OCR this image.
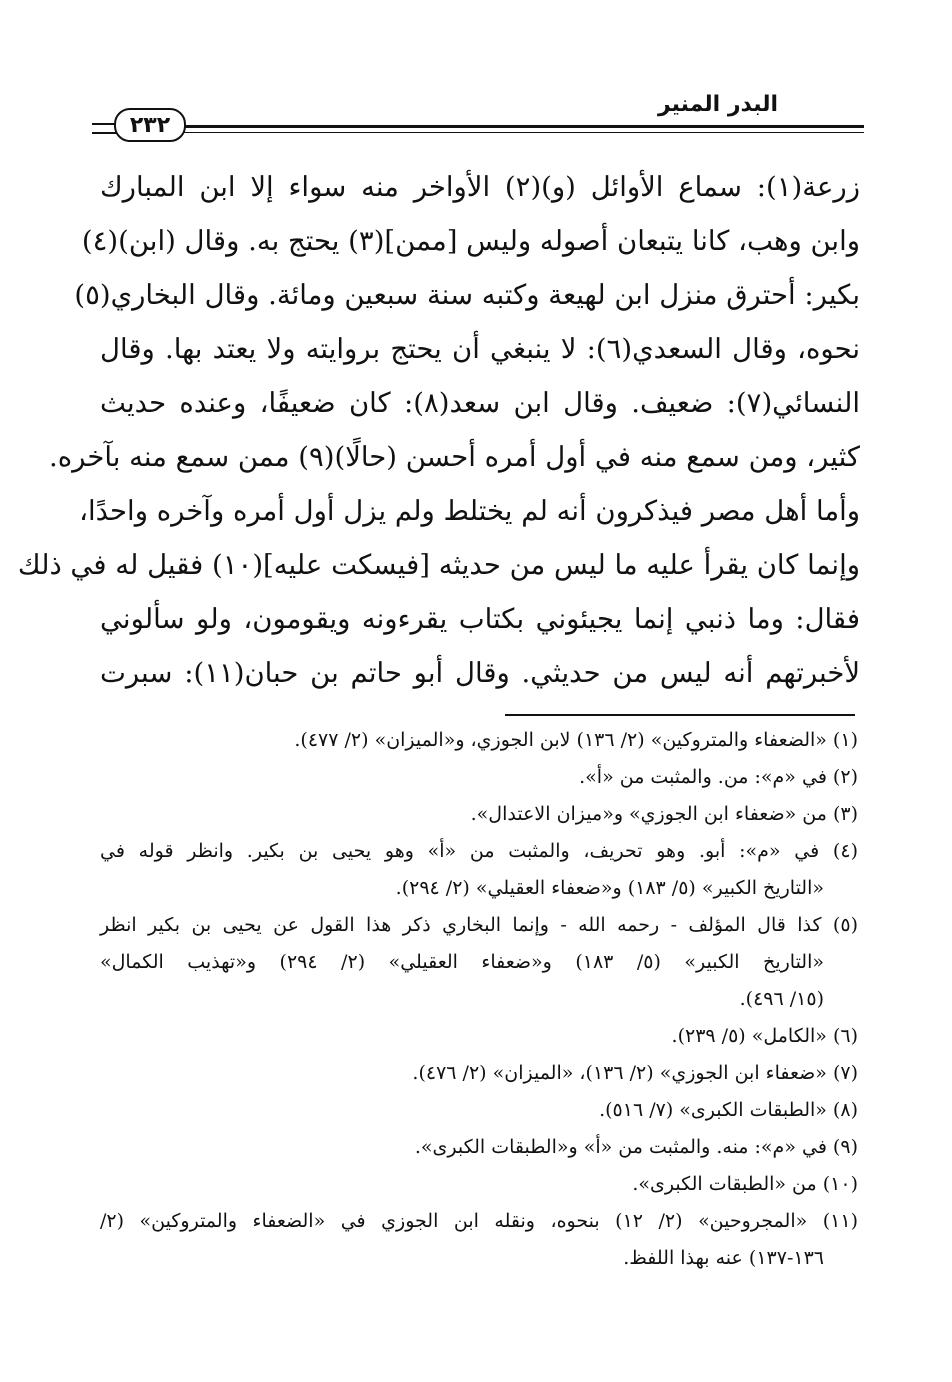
البدر المنير
٢٣٢
زرعة(١): سماع الأوائل (و)(٢) الأواخر منه سواء إلا ابن المبارك
وابن وهب، كانا يتبعان أصوله وليس [ممن](٣) يحتج به. وقال (ابن)(٤)
بكير: أحترق منزل ابن لهيعة وكتبه سنة سبعين ومائة. وقال البخاري(٥)
نحوه، وقال السعدي(٦): لا ينبغي أن يحتج بروايته ولا يعتد بها. وقال
النسائي(٧): ضعيف. وقال ابن سعد(٨): كان ضعيفًا، وعنده حديث
كثير، ومن سمع منه في أول أمره أحسن (حالًا)(٩) ممن سمع منه بآخره.
وأما أهل مصر فيذكرون أنه لم يختلط ولم يزل أول أمره وآخره واحدًا،
وإنما كان يقرأ عليه ما ليس من حديثه [فيسكت عليه](١٠) فقيل له في ذلك
فقال: وما ذنبي إنما يجيئوني بكتاب يقرءونه ويقومون، ولو سألوني
لأخبرتهم أنه ليس من حديثي. وقال أبو حاتم بن حبان(١١): سبرت
(١) «الضعفاء والمتروكين» (٢/ ١٣٦) لابن الجوزي، و«الميزان» (٢/ ٤٧٧).
(٢) في «م»: من. والمثبت من «أ».
(٣) من «ضعفاء ابن الجوزي» و«ميزان الاعتدال».
(٤) في «م»: أبو. وهو تحريف، والمثبت من «أ» وهو يحيى بن بكير. وانظر قوله في
«التاريخ الكبير» (٥/ ١٨٣) و«ضعفاء العقيلي» (٢/ ٢٩٤).
(٥) كذا قال المؤلف - رحمه الله - وإنما البخاري ذكر هذا القول عن يحيى بن بكير انظر
«التاريخ الكبير» (٥/ ١٨٣) و«ضعفاء العقيلي» (٢/ ٢٩٤) و«تهذيب الكمال»
(١٥/ ٤٩٦).
(٦) «الكامل» (٥/ ٢٣٩).
(٧) «ضعفاء ابن الجوزي» (٢/ ١٣٦)، «الميزان» (٢/ ٤٧٦).
(٨) «الطبقات الكبرى» (٧/ ٥١٦).
(٩) في «م»: منه. والمثبت من «أ» و«الطبقات الكبرى».
(١٠) من «الطبقات الكبرى».
(١١) «المجروحين» (٢/ ١٢) بنحوه، ونقله ابن الجوزي في «الضعفاء والمتروكين» (٢/
١٣٦-١٣٧) عنه بهذا اللفظ.
